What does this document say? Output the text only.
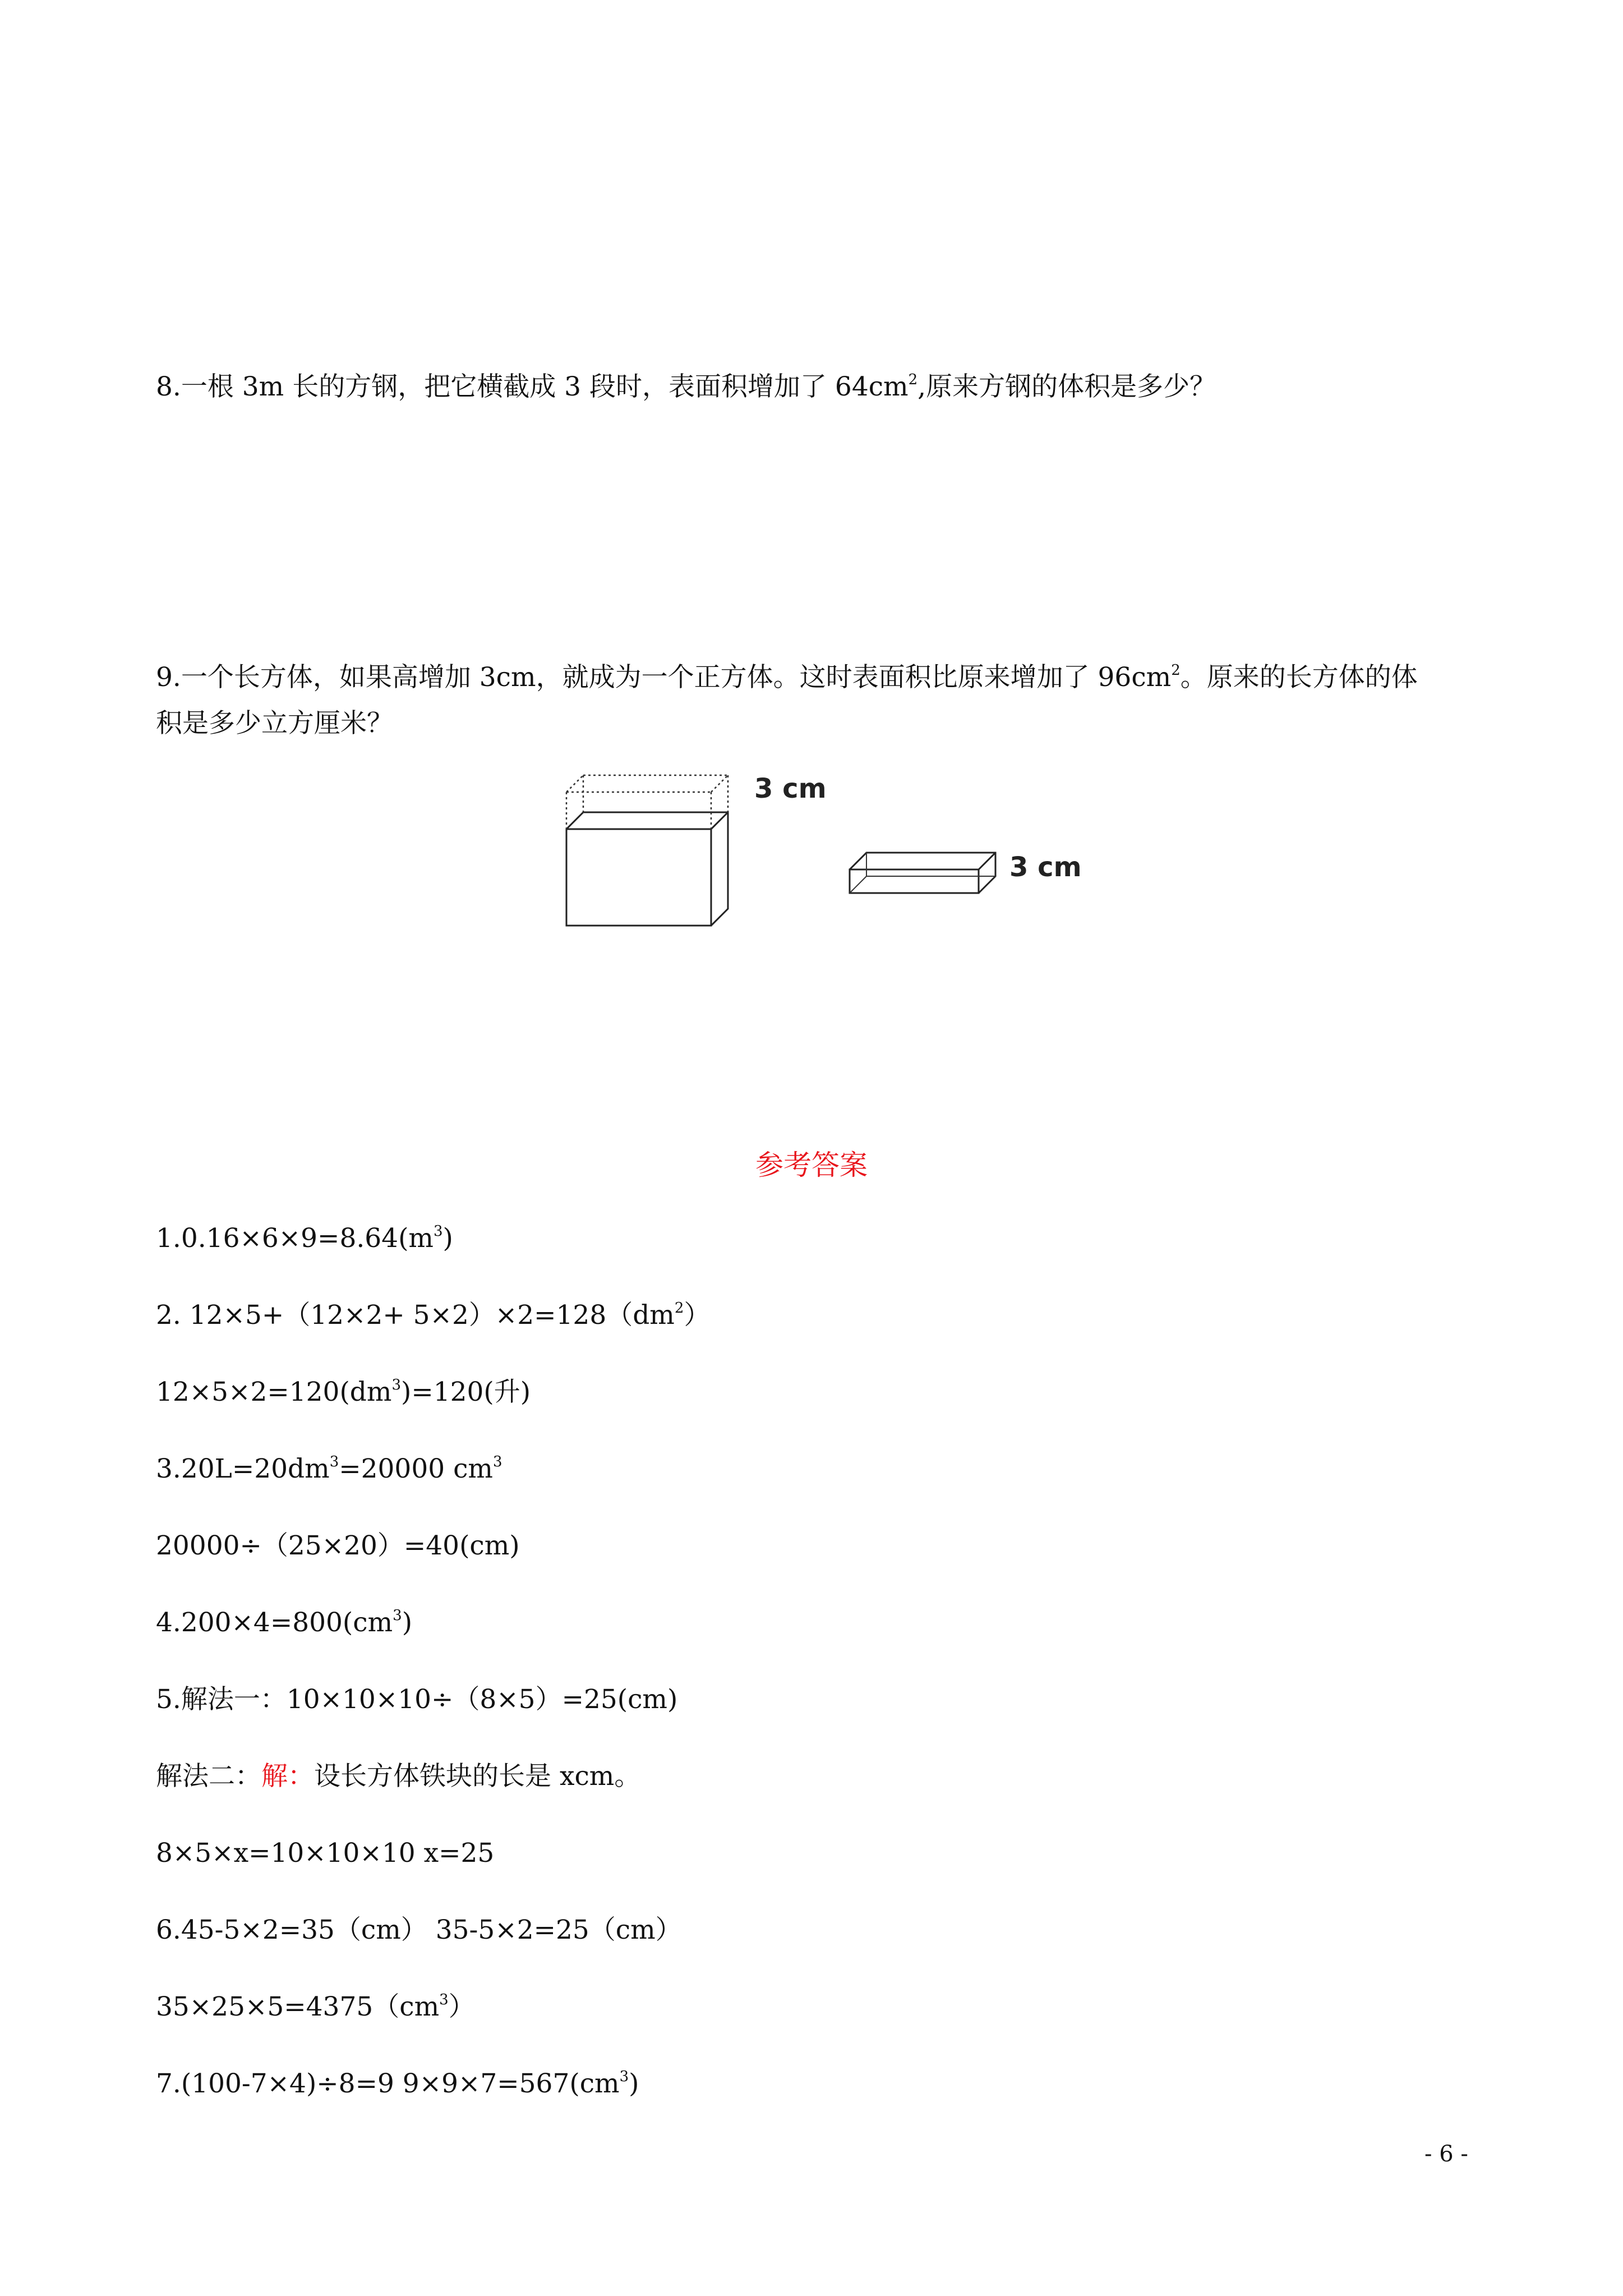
8.一根 3m 长的方钢，把它横截成 3 段时，表面积增加了 $64cm^2$,原来方钢的体积是多少？
9.一个长方体，如果高增加 3cm，就成为一个正方体。这时表面积比原来增加了 $96cm^2$。原来的长方体的体
积是多少立方厘米？
3 cm
3 cm
参考答案
$1.0.16\times 6\times 9=8.64(m^3)$
2. $12\times 5+(12\times 2+ 5\times 2)\times 2=128(dm^2)$
$12\times 5\times 2=120(dm^3)=120$(升)
$3.20L=20dm^3=20000$ $cm^3$
20000÷（25×20）=40(cm)
$4.200\times 4=800(cm^3)$
5.解法一：10×10×10÷（8×5）=25(cm)
解法二：解：设长方体铁块的长是 xcm。
8×5×x=10×10×10 x=25
6.45-5×2=35（cm） 35-5×2=25（cm）
$35\times 25\times 5=4375(cm^3)$
7.(100-7×4)÷8=9 $9\times 9\times 7=567(cm^3)$
- 6 -
